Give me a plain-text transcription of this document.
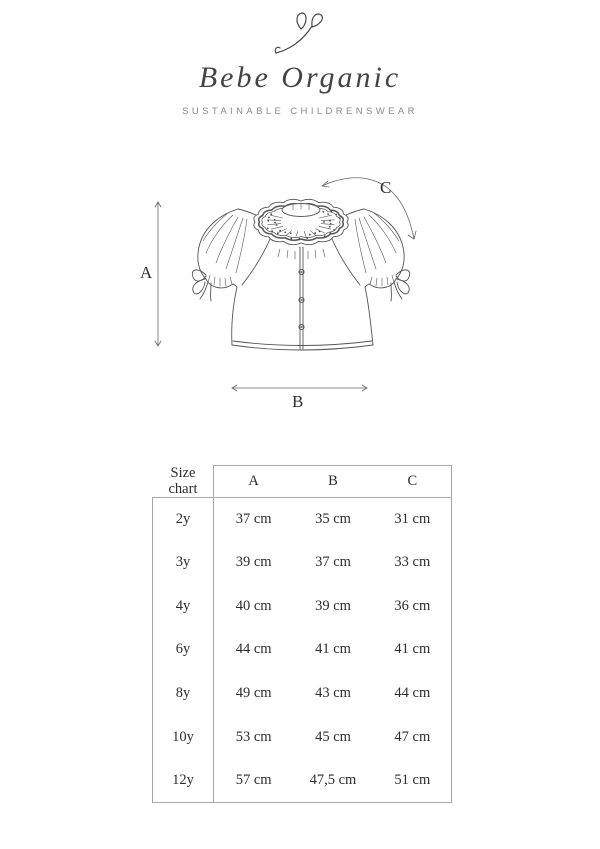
Bebe Organic
SUSTAINABLE CHILDRENSWEAR
A
B
C
Size chart
A	B	C
2y	37 cm	35 cm	31 cm
3y	39 cm	37 cm	33 cm
4y	40 cm	39 cm	36 cm
6y	44 cm	41 cm	41 cm
8y	49 cm	43 cm	44 cm
10y	53 cm	45 cm	47 cm
12y	57 cm	47,5 cm	51 cm
